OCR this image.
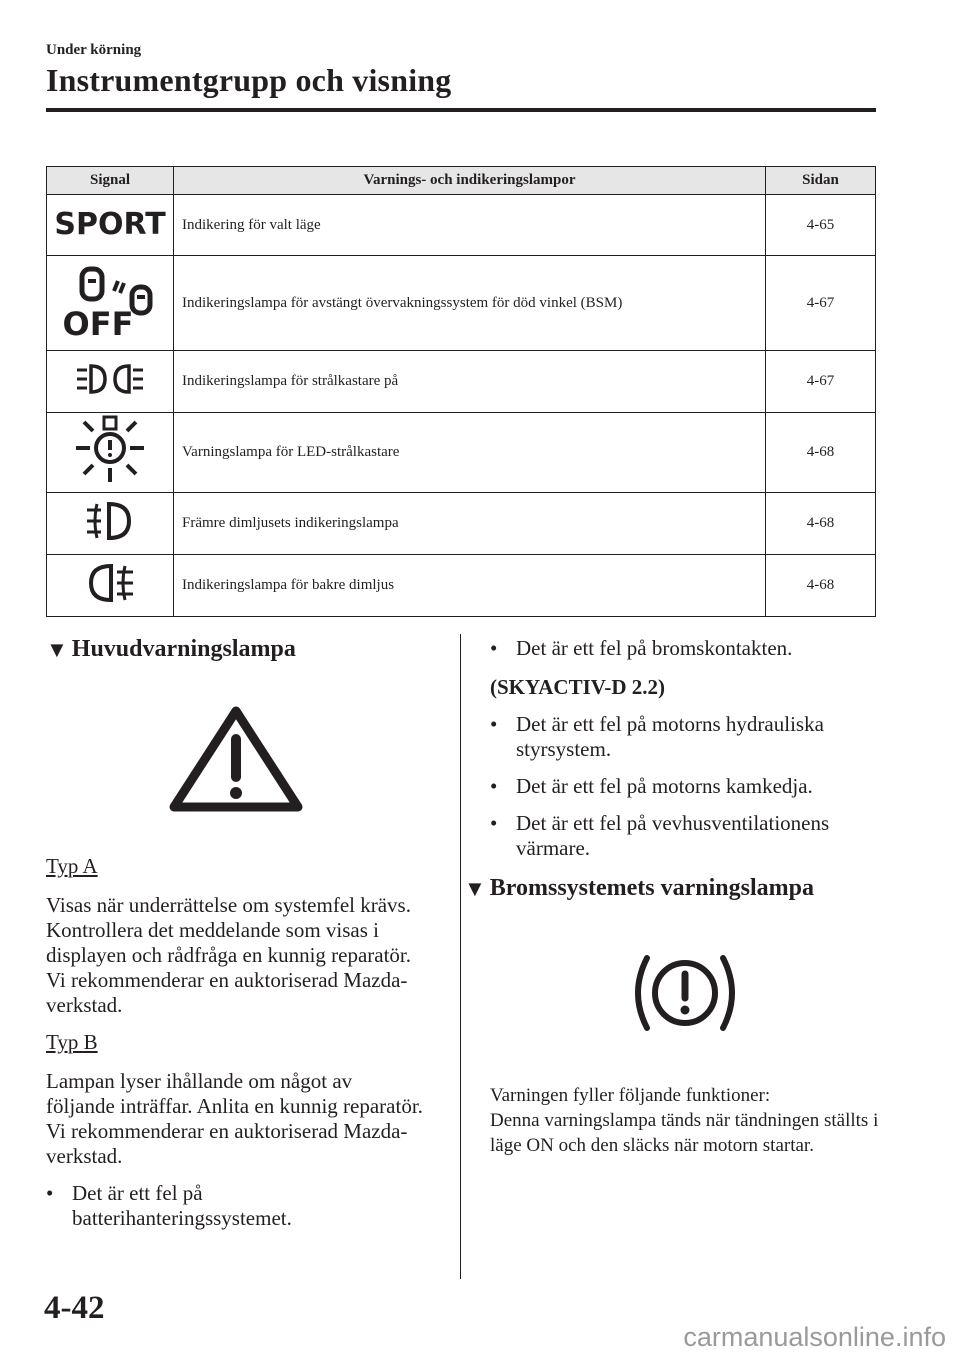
Under körning
Instrumentgrupp och visning
Signal	Varnings- och indikeringslampor	Sidan

SPORT	Indikering för valt läge	4-65

OFF	Indikeringslampa för avstängt övervakningssystem för död vinkel (BSM)	4-67
	Indikeringslampa för strålkastare på	4-67
	Varningslampa för LED-strålkastare	4-68
	Främre dimljusets indikeringslampa	4-68
	Indikeringslampa för bakre dimljus	4-68
▼ Huvudvarningslampa
Typ A

Visas när underrättelse om systemfel krävs.

Kontrollera det meddelande som visas i displayen och rådfråga en kunnig reparatör. Vi rekommenderar en auktoriserad Mazda-verkstad.

Typ B

Lampan lyser ihållande om något av följande inträffar. Anlita en kunnig reparatör. Vi rekommenderar en auktoriserad Mazda-verkstad.

• Det är ett fel på batterihanteringssystemet.
• Det är ett fel på bromskontakten.

(SKYACTIV-D 2.2)

• Det är ett fel på motorns hydrauliska styrsystem.
• Det är ett fel på motorns kamkedja.
• Det är ett fel på vevhusventilationens värmare.
▼ Bromssystemets varningslampa

Varningen fyller följande funktioner:

Denna varningslampa tänds när tändningen ställts i läge ON och den släcks när motorn startar.

4-42
carmanualsonline.info
